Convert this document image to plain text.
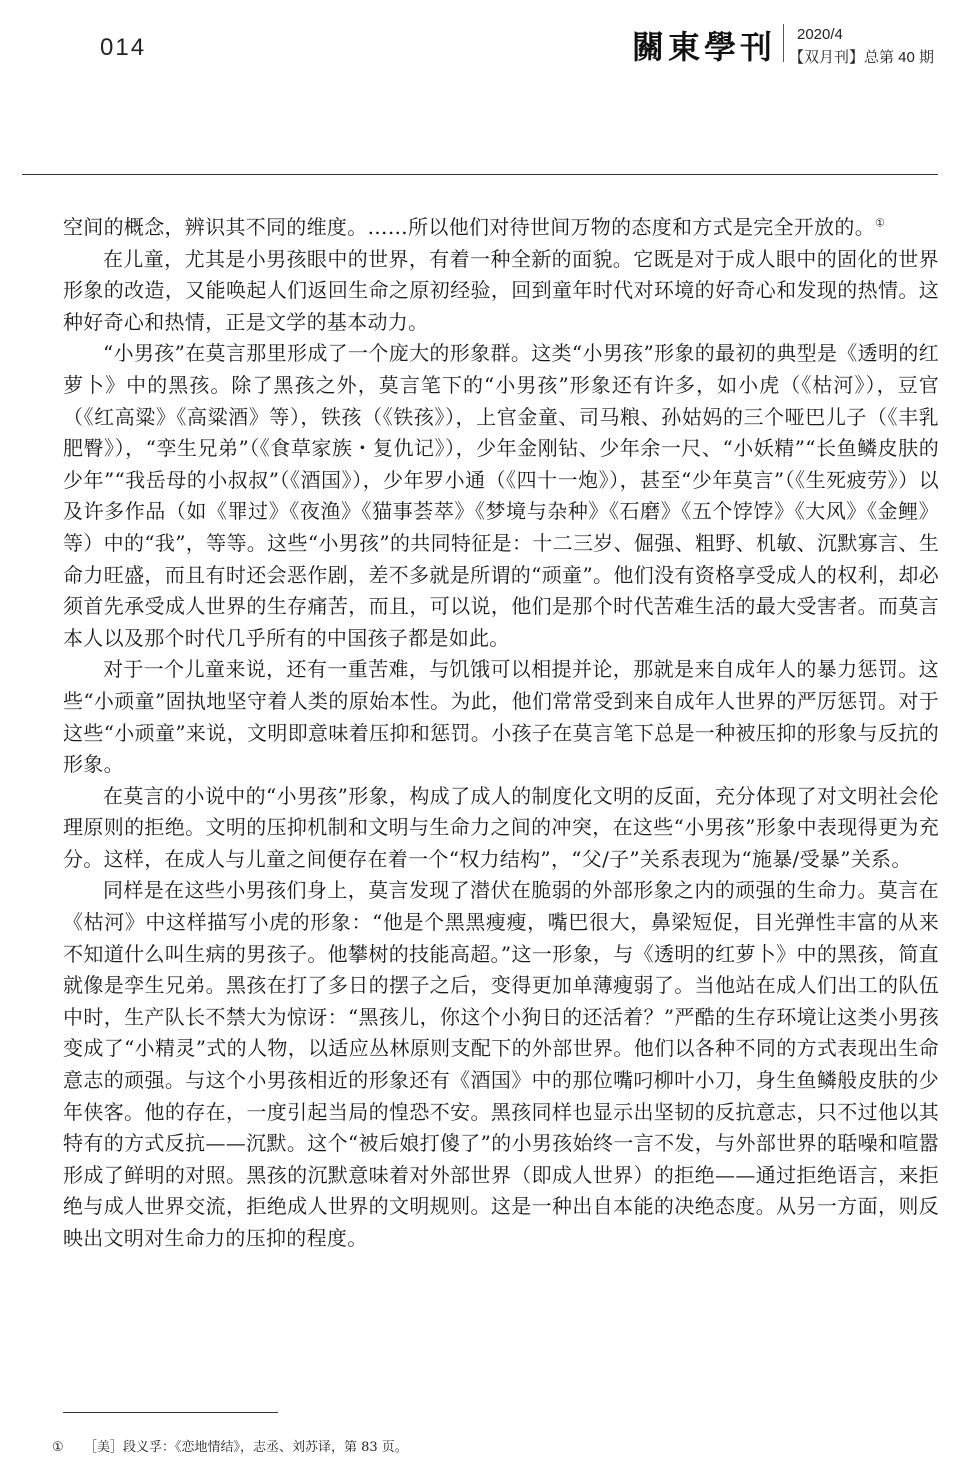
014	關東學刊 2020/4
【双月刊】总第 40 期

空间的概念，辨识其不同的维度。……所以他们对待世间万物的态度和方式是完全开放的。①

在儿童，尤其是小男孩眼中的世界，有着一种全新的面貌。它既是对于成人眼中的固化的世界形象的改造，又能唤起人们返回生命之原初经验，回到童年时代对环境的好奇心和发现的热情。这种好奇心和热情，正是文学的基本动力。

“小男孩”在莫言那里形成了一个庞大的形象群。这类“小男孩”形象的最初的典型是《透明的红萝卜》中的黑孩。除了黑孩之外，莫言笔下的“小男孩”形象还有许多，如小虎（《枯河》），豆官（《红高粱》《高粱酒》等），铁孩（《铁孩》），上官金童、司马粮、孙姑妈的三个哑巴儿子（《丰乳肥臀》），“孪生兄弟”（《食草家族・复仇记》），少年金刚钻、少年余一尺、“小妖精”“长鱼鳞皮肤的少年”“我岳母的小叔叔”（《酒国》），少年罗小通（《四十一炮》），甚至“少年莫言”（《生死疲劳》）以及许多作品（如《罪过》《夜渔》《猫事荟萃》《梦境与杂种》《石磨》《五个饽饽》《大风》《金鲤》等）中的“我”，等等。这些“小男孩”的共同特征是：十二三岁、倔强、粗野、机敏、沉默寡言、生命力旺盛，而且有时还会恶作剧，差不多就是所谓的“顽童”。他们没有资格享受成人的权利，却必须首先承受成人世界的生存痛苦，而且，可以说，他们是那个时代苦难生活的最大受害者。而莫言本人以及那个时代几乎所有的中国孩子都是如此。

对于一个儿童来说，还有一重苦难，与饥饿可以相提并论，那就是来自成年人的暴力惩罚。这些“小顽童”固执地坚守着人类的原始本性。为此，他们常常受到来自成年人世界的严厉惩罚。对于这些“小顽童”来说，文明即意味着压抑和惩罚。小孩子在莫言笔下总是一种被压抑的形象与反抗的形象。

在莫言的小说中的“小男孩”形象，构成了成人的制度化文明的反面，充分体现了对文明社会伦理原则的拒绝。文明的压抑机制和文明与生命力之间的冲突，在这些“小男孩”形象中表现得更为充分。这样，在成人与儿童之间便存在着一个“权力结构”，“父/子”关系表现为“施暴/受暴”关系。

同样是在这些小男孩们身上，莫言发现了潜伏在脆弱的外部形象之内的顽强的生命力。莫言在《枯河》中这样描写小虎的形象：“他是个黑黑瘦瘦，嘴巴很大，鼻梁短促，目光弹性丰富的从来不知道什么叫生病的男孩子。他攀树的技能高超。”这一形象，与《透明的红萝卜》中的黑孩，简直就像是孪生兄弟。黑孩在打了多日的摆子之后，变得更加单薄瘦弱了。当他站在成人们出工的队伍中时，生产队长不禁大为惊讶：“黑孩儿，你这个小狗日的还活着？”严酷的生存环境让这类小男孩变成了“小精灵”式的人物，以适应丛林原则支配下的外部世界。他们以各种不同的方式表现出生命意志的顽强。与这个小男孩相近的形象还有《酒国》中的那位嘴叼柳叶小刀，身生鱼鳞般皮肤的少年侠客。他的存在，一度引起当局的惶恐不安。黑孩同样也显示出坚韧的反抗意志，只不过他以其特有的方式反抗——沉默。这个“被后娘打傻了”的小男孩始终一言不发，与外部世界的聒噪和喧嚣形成了鲜明的对照。黑孩的沉默意味着对外部世界（即成人世界）的拒绝——通过拒绝语言，来拒绝与成人世界交流，拒绝成人世界的文明规则。这是一种出自本能的决绝态度。从另一方面，则反映出文明对生命力的压抑的程度。

① ［美］段义孚：《恋地情结》，志丞、刘苏译，第 83 页。
